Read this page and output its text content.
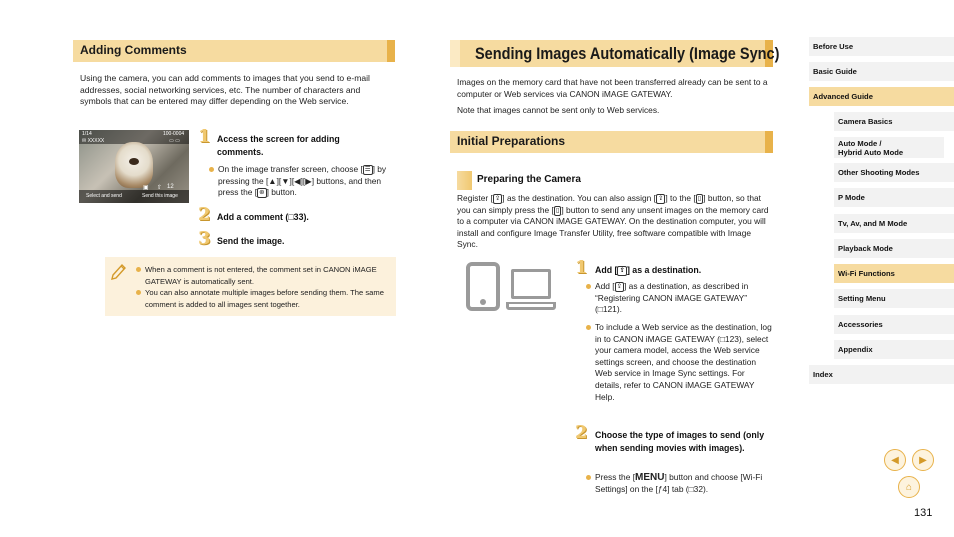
Adding Comments
Using the camera, you can add comments to images that you send to e-mail addresses, social networking services, etc. The number of characters and symbols that can be entered may differ depending on the Web service.
1/14	100-0004
✉ XXXXX	▭ ▭
▣ ⇧ 12
Select and send	Send this image
1 Access the screen for adding comments.
On the image transfer screen, choose [ ☰ ] by pressing the [▲][▼][◀][▶] buttons, and then press the [ ⊛ ] button.
2 Add a comment (□33).
3 Send the image.
When a comment is not entered, the comment set in CANON iMAGE GATEWAY is automatically sent.
You can also annotate multiple images before sending them. The same comment is added to all images sent together.
Sending Images Automatically (Image Sync)
Images on the memory card that have not been transferred already can be sent to a computer or Web services via CANON iMAGE GATEWAY.
Note that images cannot be sent only to Web services.
Initial Preparations
Preparing the Camera
Register [ ⇪ ] as the destination. You can also assign [ ⇪ ] to the [ ▯ ] button, so that you can simply press the [ ▯ ] button to send any unsent images on the memory card to a computer via CANON iMAGE GATEWAY. On the destination computer, you will install and configure Image Transfer Utility, free software compatible with Image Sync.
1 Add [ ⇪ ] as a destination.
Add [ ⇪ ] as a destination, as described in “Registering CANON iMAGE GATEWAY” (□121).
To include a Web service as the destination, log in to CANON iMAGE GATEWAY (□123), select your camera model, access the Web service settings screen, and choose the destination Web service in Image Sync settings. For details, refer to CANON iMAGE GATEWAY Help.
2 Choose the type of images to send (only when sending movies with images).
Press the [MENU] button and choose [Wi-Fi Settings] on the [ƒ4] tab (□32).
Before Use
Basic Guide
Advanced Guide
Camera Basics
Auto Mode /
Hybrid Auto Mode
Other Shooting Modes
P Mode
Tv, Av, and M Mode
Playback Mode
Wi-Fi Functions
Setting Menu
Accessories
Appendix
Index
◀ ▶
⌂
131
